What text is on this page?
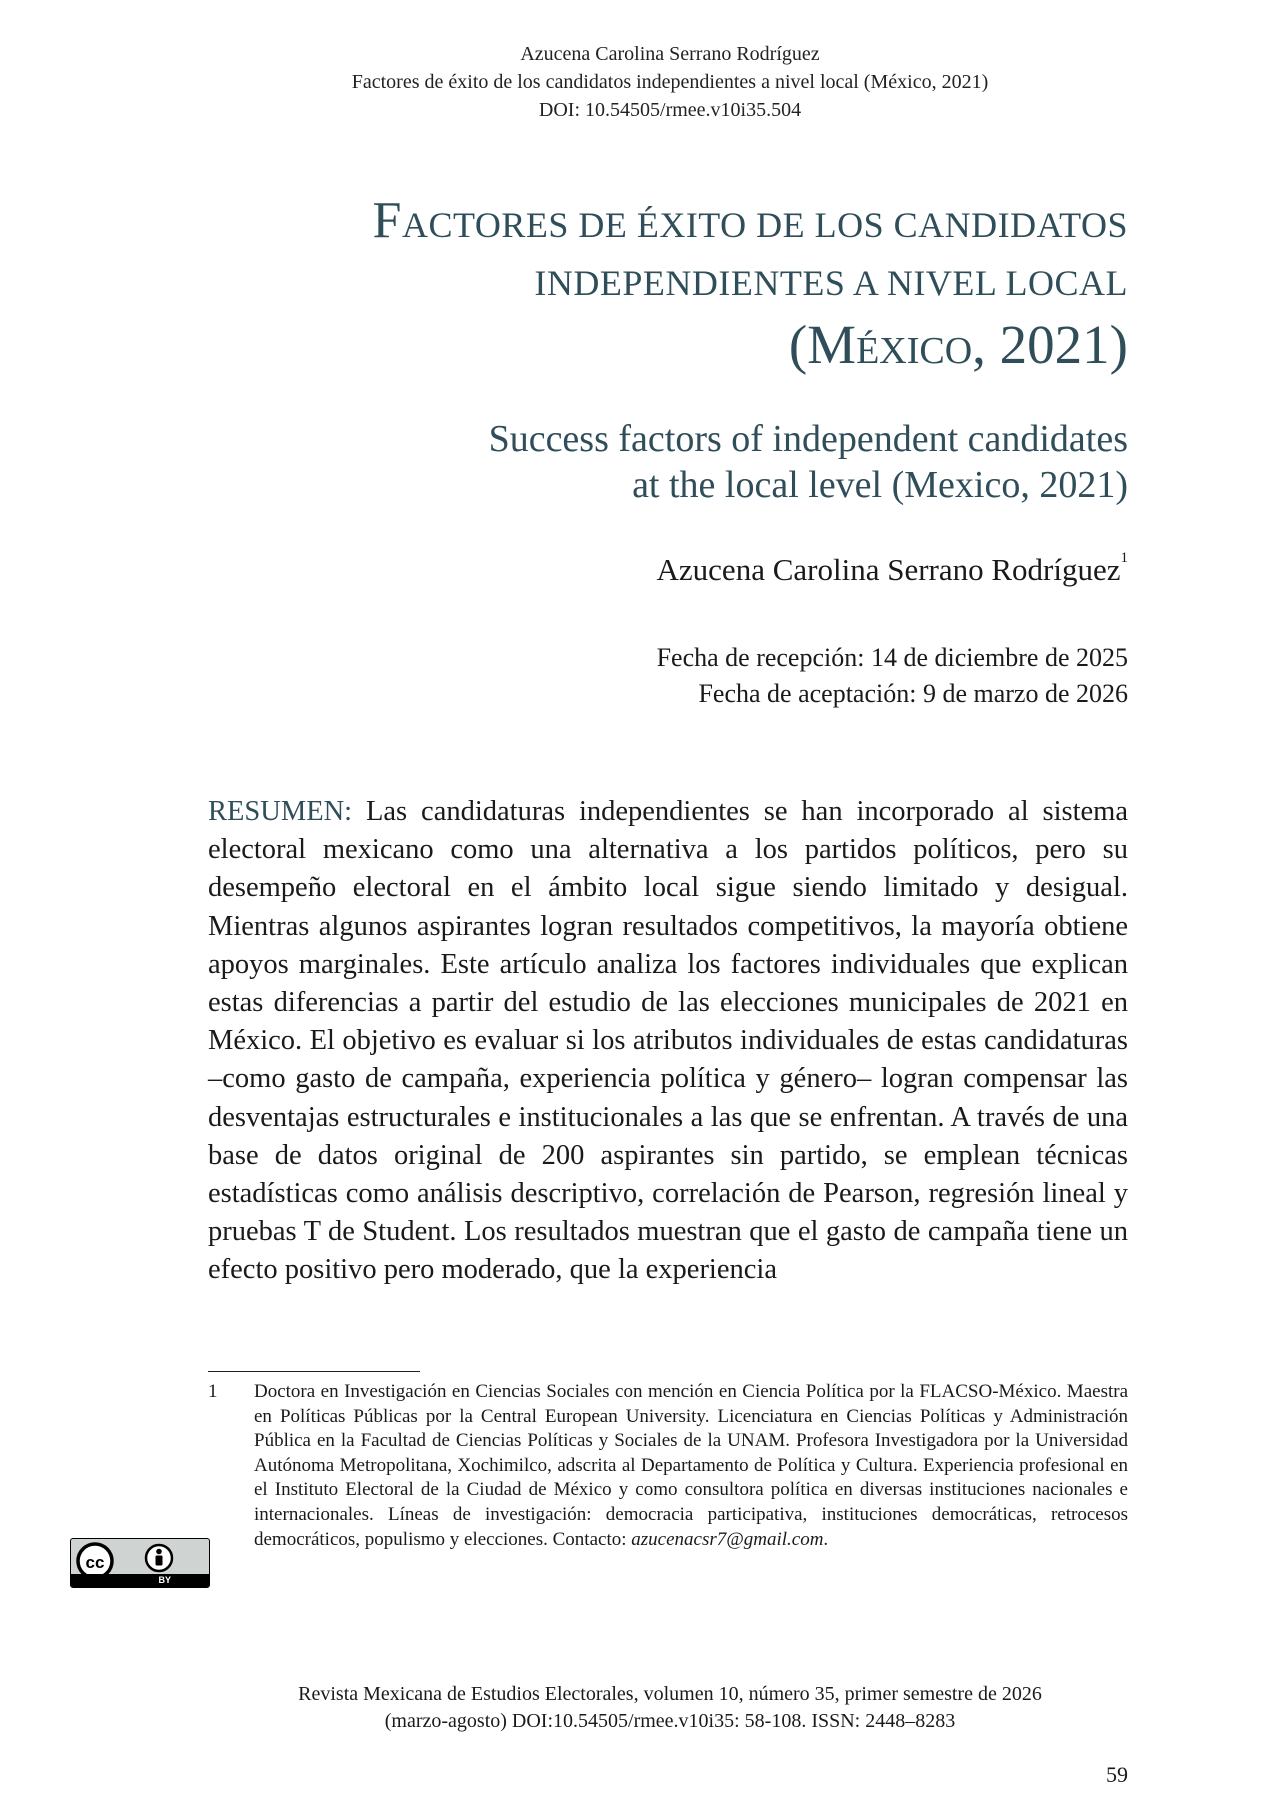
Azucena Carolina Serrano Rodríguez
Factores de éxito de los candidatos independientes a nivel local (México, 2021)
DOI: 10.54505/rmee.v10i35.504
FACTORES DE ÉXITO DE LOS CANDIDATOS
INDEPENDIENTES A NIVEL LOCAL
(MÉXICO, 2021)
Success factors of independent candidates
at the local level (Mexico, 2021)
Azucena Carolina Serrano Rodríguez$^1$
Fecha de recepción: 14 de diciembre de 2025
Fecha de aceptación: 9 de marzo de 2026
RESUMEN: Las candidaturas independientes se han incorporado al sistema electoral mexicano como una alternativa a los partidos políticos, pero su desempeño electoral en el ámbito local sigue siendo limitado y desigual. Mientras algunos aspirantes logran resultados competitivos, la mayoría obtiene apoyos marginales. Este artículo analiza los factores individuales que explican estas diferencias a partir del estudio de las elecciones municipales de 2021 en México. El objetivo es evaluar si los atributos individuales de estas candidaturas –como gasto de campaña, experiencia política y género– logran compensar las desventajas estructurales e institucionales a las que se enfrentan. A través de una base de datos original de 200 aspirantes sin partido, se emplean técnicas estadísticas como análisis descriptivo, correlación de Pearson, regresión lineal y pruebas T de Student. Los resultados muestran que el gasto de campaña tiene un efecto positivo pero moderado, que la experiencia
1 Doctora en Investigación en Ciencias Sociales con mención en Ciencia Política por la FLACSO-México. Maestra en Políticas Públicas por la Central European University. Licenciatura en Ciencias Políticas y Administración Pública en la Facultad de Ciencias Políticas y Sociales de la UNAM. Profesora Investigadora por la Universidad Autónoma Metropolitana, Xochimilco, adscrita al Departamento de Política y Cultura. Experiencia profesional en el Instituto Electoral de la Ciudad de México y como consultora política en diversas instituciones nacionales e internacionales. Líneas de investigación: democracia participativa, instituciones democráticas, retrocesos democráticos, populismo y elecciones. Contacto: azucenacsr7@gmail.com.
cc
BY
Revista Mexicana de Estudios Electorales, volumen 10, número 35, primer semestre de 2026
(marzo-agosto) DOI:10.54505/rmee.v10i35: 58-108. ISSN: 2448–8283
59
